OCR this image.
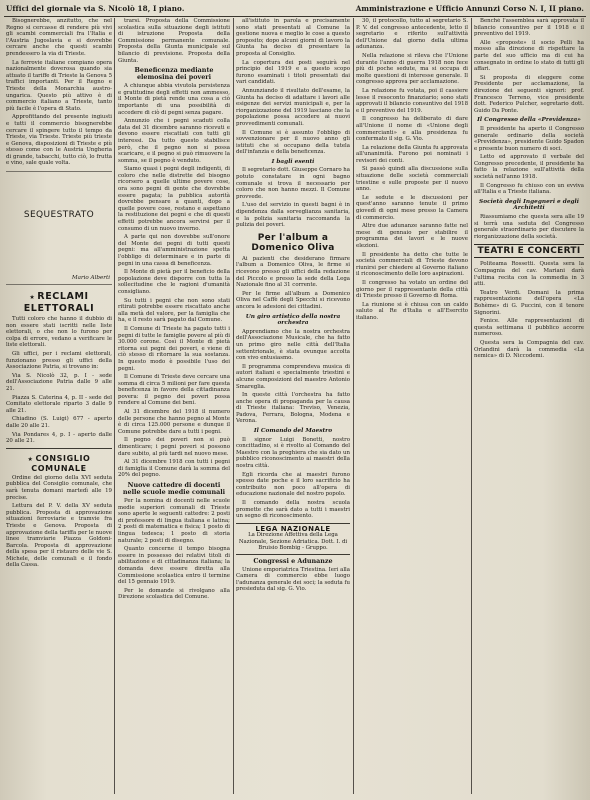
Uffici del giornale via S. Nicolò 18, I piano.	Amministrazione e Ufficio Annunzi Corso N. I, II piano.

Bisognerebbe, anzitutto, che nel Regno si cercasse di rendere più vivi gli scambi commerciali fra l'Italia e l'Austria Jugoslavia e si dovrebbe cercare anche che questi scambi prendessero la via di Trieste.

La ferrovie italiane compiano opera nazionalmente doverosa quando sia attuato il tariffe di Trieste la Genova 5 traffici importanti. Per il Regno e Trieste della Monarchia austro-ungarica. Questo più attivo è di commercio italiano a Trieste, tanto più facile è l'opera di Stato.

Approfittando del presente ingiusti e tutti il commercio bisognerebbe cercare il spingere tutto il tempo da Trieste, via Trieste. Trieste più trieste e Genova, disposizioni di Trieste e più stesso come con le Austria Ungheria di grande, tabacchi, tutto ciò, lo frutta e vino, sale quale volta.

SEQUESTRATO
Mario Alberti
★ RECLAMI ELETTORALI

Tutti coloro che hanno il dubbio di non essere stati iscritti nelle liste elettorali, o che non lo furono per colpa di errore, vedano a verificare le liste elettorali.

Gli uffici, per i reclami elettorali, funzionano presso gli uffici della Associazione Patria, si trovano in:

Via S. Nicolò 32, p. I - sede dell'Associazione Patria dalle 9 alle 21.

Piazza S. Caterina 4, p. II - sede del Comitato elettorale riparto 3 dalle 9 alle 21.

Chiadino (S. Luigi) 677 - aperto dalle 20 alle 21.

Via Pondares 4, p. I - aperto dalle 20 alle 21.

★ CONSIGLIO COMUNALE

Ordine del giorno della XVI seduta pubblica del Consiglio comunale, che sarà tenuta domani martedì alle 19 precise.

Lettura del P. V. della XV seduta pubblica. Proposta di approvazione situazioni ferroviarie e tramvie fra Trieste e Genova. Proposta di approvazione della tariffa per le nuove linee tramviarie Piazza Goldoni-Barcola. Proposta di approvazione della spesa per il ristauro delle vie S. Michele, delle comunali e il fondo della Cassa.

trarsi. Proposta della Commissione scolastica sulla situazione degli istituti di istruzione Proposta della Commissione permanente comunale. Proposta della Giunta municipale sul bilancio di previsione. Proposta della Giunta.

Beneficenza mediante elemosina dei poveri

A chiunque abbia vivutola persistenza e gratitudine degli effetti non ammesso, il Monte di pietà rende una cosa a ciò importante di una possibilità di accedere di ciò di pegni senza pagare.

Annunzio che i pegni scaduti colla data del 31 dicembre saranno ricevuti e devono essere riscattati con tutti gli interessi. Da tutto questo stabilisce però, che il pegno non si possa scaricare, e il pegno si può rimuovere la somma, se il pegno è venduto.

Siamo quasi i pegni degli indigenti, di coloro che nelle distrette del bisogno ricorsero a quelle ultime povere cose, ora sono pegni di gente che dovrebbe essere pagata; la pubblica autorità dovrebbe pensare a quanti, dopo a quelle povere cose, restano e aspettano la restituzione dei pegni e che di questi effetti potrebbe ancora servirsi per il consumo di un nuovo inverno.

A parte qui non dovrebbe sull'onore del Monte dei pegni di tutti questi pegni: ma all'amministrazione spetta l'obbligo di determinare e in parte di pegni in una cassa di beneficenza.

Il Monte di pietà per il beneficio della popolazione deve disporre con tutta la sollecitudine che le ragioni d'umanità consigliano.

Su tutti i pegni che non sono stati ritirati potrebbe essere riscattato anche alla metà del valore, per la famiglia che ha, e il resto sarà pagato dal Comune.

Il Comune di Trieste ha pagato tutti i pegni di tutte le famiglie povere al più di 30.000 corone. Così il Monte di pietà ritorna sui pegni dei poveri, e viene di ciò stesso di ritornare la sua sostanza. In questo modo è possibile l'uso dei pegni.

Il Comune di Trieste deve cercare una somma di circa 5 milioni per fare questa beneficenza in favore della cittadinanza povera: il pegno dei poveri possa rendere al Comune dei beni.

Al 31 dicembre del 1918 il numero delle persone che hanno pegno al Monte è di circa 125.000 persone e dunque il Comune potrebbe dare a tutti i pegni.

Il pegno dei poveri non si può dimenticare; i pegni poveri si possono dare subito, al più tardi nel nuovo mese.

Al 31 dicembre 1918 con tutti i pegni di famiglia il Comune darà la somma del 20% del pegno.

Nuove cattedre di docenti nelle scuole medie comunali

Per la nomina di docenti nelle scuole medie superiori comunali di Trieste sono aperte le seguenti cattedre: 2 posti di professore di lingua italiana e latina; 2 posti di matematica e fisica; 1 posto di lingua tedesca; 1 posto di storia naturale; 2 posti di disegno.

Quanto concerne il tempo bisogna essere in possesso dei relativi titoli di abilitazione e di cittadinanza italiana; la domanda deve essere diretta alla Commissione scolastica entro il termine del 15 gennaio 1919.

Per le domande si rivolgano alla Direzione scolastica del Comune.

all'istituto in parola e precisamente sono stati presentati al Comune la gestione nuova e meglio le cose a questo proposito; dopo alcuni giorni di lavoro la Giunta ha deciso di presentare la proposta al Consiglio.

La copertura dei posti seguirà nel principio del 1919 e a questo scopo furono esaminati i titoli presentati dai vari candidati.

Annunziando il risultato dell'esame, la Giunta ha deciso di adattare i lavori alle esigenze dei servizi municipali e, per la riorganizzazione del 1919 lasciano che la popolazione possa accedere ai nuovi provvedimenti comunali.

Il Comune si è assunto l'obbligo di sovvenzionare per il nuovo anno gli istituti che si occupano della tutela dell'infanzia e della beneficenza.

I bagli esenti

Il segretario dott. Giuseppe Cornaro ha potuto constatare in ogni bagno comunale si trova il necessario per coloro che non hanno mezzi. Il Comune provvede.

L'uso del servizio in questi bagni è in dipendenza dalla sorveglianza sanitaria, e la polizia sanitaria raccomanda la pulizia dei poveri.

Per l'album a Domenico Oliva

Ai pazienti che desiderano firmare l'album a Domenico Oliva, le firme si ricevono presso gli uffici della redazione del Piccolo e presso la sede della Lega Nazionale fino al 31 corrente.

Per le firme all'album a Domenico Oliva nel Caffè degli Specchi si ricevono ancora le adesioni dei cittadini.

Un giro artistico della nostra orchestra

Apprendiamo che la nostra orchestra dell'Associazione Musicale, che ha fatto un primo giro nelle città dell'Italia settentrionale, è stata ovunque accolta con vivo entusiasmo.

Il programma comprendeva musica di autori italiani e specialmente triestini e alcune composizioni del maestro Antonio Smareglia.

In queste città l'orchestra ha fatto anche opera di propaganda per la causa di Trieste italiana: Treviso, Venezia, Padova, Ferrara, Bologna, Modena e Verona.

Il Comando del Maestro

Il signor Luigi Bonetti, nostro concittadino, si è rivolto al Comando del Maestro con la preghiera che sia dato un pubblico riconoscimento ai maestri della nostra città.

Egli ricorda che ai maestri furono spesso date poche e il loro sacrificio ha contribuito non poco all'opera di educazione nazionale del nostro popolo.

Il comando della nostra scuola promette che sarà dato a tutti i maestri un segno di riconoscimento.

LEGA NAZIONALE
La Direzione Affettiva della Lega Nazionale, Sezione Adriatica. Dott. I. di Bruisio Bombig - Gruppo.
Congressi e Adunanze

Unione emporiatrica Triestina. Ieri alla Camera di commercio ebbe luogo l'adunanza generale dei soci; la seduta fu presieduta dal sig. G. Vio.

30, il protocollo, tutto al segretario S. P. V. del congresso antecedente, letto il segretario e riferito sull'attività dell'Unione dal giorno della ultima adunanza.

Nella relazione si rileva che l'Unione durante l'anno di guerra 1918 non fece più di poche sedute, ma si occupa di molte questioni di interesse generale. Il congresso approva per acclamazione.

La relazione fu votata, poi il cassiere lesse il resoconto finanziario; sono stati approvati il bilancio consuntivo del 1918 e il preventivo del 1919.

Il congresso ha deliberato di dare all'Unione il nome di «Unione degli commercianti» e alla presidenza fu confermato il sig. G. Vio.

La relazione della Giunta fu approvata all'unanimità. Furono poi nominati i revisori dei conti.

Si passò quindi alla discussione sulla situazione delle società commerciali triestine e sulle proposte per il nuovo anno.

Le sedute e le discussioni per quest'anno saranno tenute il primo giovedì di ogni mese presso la Camera di commercio.

Altre due adunanze saranno fatte nel mese di gennaio per stabilire il programma dei lavori e le nuove elezioni.

Il presidente ha detto che tutte le società commerciali di Trieste devono riunirsi per chiedere al Governo italiano il riconoscimento delle loro aspirazioni.

Il congresso ha votato un ordine del giorno per il rappresentante della città di Trieste presso il Governo di Roma.

La riunione si è chiusa con un caldo saluto al Re d'Italia e all'Esercito italiano.

Benché l'assemblea sarà approvata il bilancio consuntivo per il 1918 e il preventivo del 1919.

Alle «proposte» il socio Pelli ha mosso alla direzione di rispettare la parte del suo ufficio ma di cui ha consegnato in ordine lo stato di tutti gli affari.

Si proposta di eleggere come Presidente per acclamazione, la direzione dei seguenti signori: prof. Francesco Terreno, vice presidente dott. Federico Pulcher, segretario dott. Guido Da Ponte.

Il Congresso della «Previdenza»

Il presidente ha aperto il Congresso generale ordinario della società «Previdenza», presidente Guido Spadon e presente buon numero di soci.

Letto ed approvato il verbale del Congresso precedente, il presidente ha fatto la relazione sull'attività della società nell'anno 1918.

Il Congresso fu chiuso con un evviva all'Italia e a Trieste italiana.

Società degli Ingegneri e degli Architetti

Riassumiamo che questa sera alle 19 si terrà una seduta del Congresso generale straordinario per discutere la riorganizzazione della società.

TEATRI E CONCERTI

Politeama Rossetti. Questa sera la Compagnia del cav. Mariani darà l'ultima recita con la commedia in 3 atti.

Teatro Verdi. Domani la prima rappresentazione dell'opera «La Bohème» di G. Puccini, con il tenore Signorini.

Fenice. Alle rappresentazioni di questa settimana il pubblico accorre numeroso.

Questa sera la Compagnia del cav. Orlandini darà la commedia «La nemica» di D. Niccodemi.
